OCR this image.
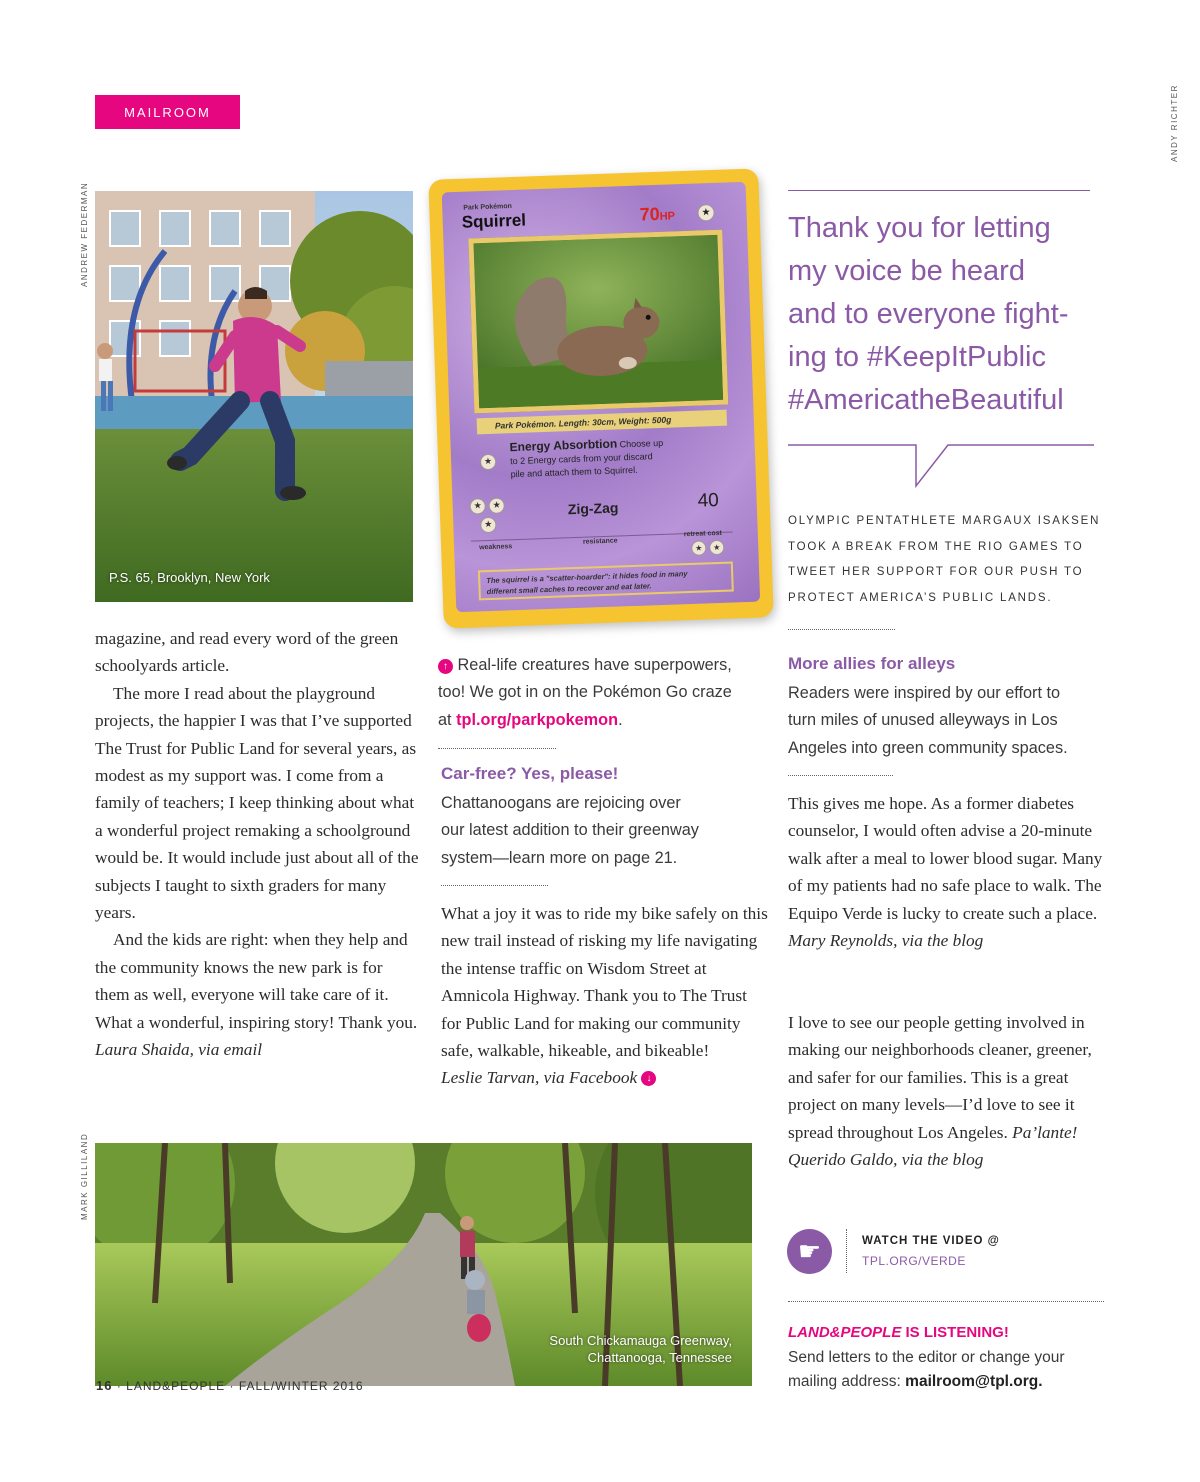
MAILROOM
ANDREW FEDERMAN
ANDY RICHTER
MARK GILLILAND
P.S. 65, Brooklyn, New York
Park Pokémon
Squirrel	70HP	★
Park Pokémon. Length: 30cm, Weight: 500g
★
Energy Absorbtion Choose up
to 2 Energy cards from your discard
pile and attach them to Squirrel.
★	★
★
Zig-Zag	40
weakness
resistance
retreat cost
★	★
The squirrel is a "scatter-hoarder": it hides food in many
different small caches to recover and eat later.

magazine, and read every word of the green schoolyards article.

The more I read about the playground projects, the happier I was that I’ve supported The Trust for Public Land for several years, as modest as my support was. I come from a family of teachers; I keep thinking about what a wonderful project remaking a schoolground would be. It would include just about all of the subjects I taught to sixth graders for many years.

And the kids are right: when they help and the community knows the new park is for them as well, everyone will take care of it. What a wonderful, inspiring story! Thank you.

Laura Shaida, via email

↑ Real-life creatures have superpowers,
too! We got in on the Pokémon Go craze
at tpl.org/parkpokemon.
Car-free? Yes, please!
Chattanoogans are rejoicing over
our latest addition to their greenway
system—learn more on page 21.

What a joy it was to ride my bike safely on this new trail instead of risking my life navigating the intense traffic on Wisdom Street at Amnicola Highway. Thank you to The Trust for Public Land for making our community safe, walkable, hikeable, and bikeable!

Leslie Tarvan, via Facebook ↓

South Chickamauga Greenway,
Chattanooga, Tennessee
Thank you for letting
my voice be heard
and to everyone fight-
ing to #KeepItPublic
#AmericatheBeautiful
OLYMPIC PENTATHLETE MARGAUX ISAKSEN
TOOK A BREAK FROM THE RIO GAMES TO
TWEET HER SUPPORT FOR OUR PUSH TO
PROTECT AMERICA’S PUBLIC LANDS.
More allies for alleys
Readers were inspired by our effort to
turn miles of unused alleyways in Los
Angeles into green community spaces.

This gives me hope. As a former diabetes counselor, I would often advise a 20-minute walk after a meal to lower blood sugar. Many of my patients had no safe place to walk. The Equipo Verde is lucky to create such a place.

Mary Reynolds, via the blog

I love to see our people getting involved in making our neighborhoods cleaner, greener, and safer for our families. This is a great project on many levels—I’d love to see it spread throughout Los Angeles. Pa’lante!

Querido Galdo, via the blog

☛	WATCH THE VIDEO @
TPL.ORG/VERDE
LAND&PEOPLE IS LISTENING!
Send letters to the editor or change your
mailing address: mailroom@tpl.org.
16 · LAND&PEOPLE · FALL/WINTER 2016
